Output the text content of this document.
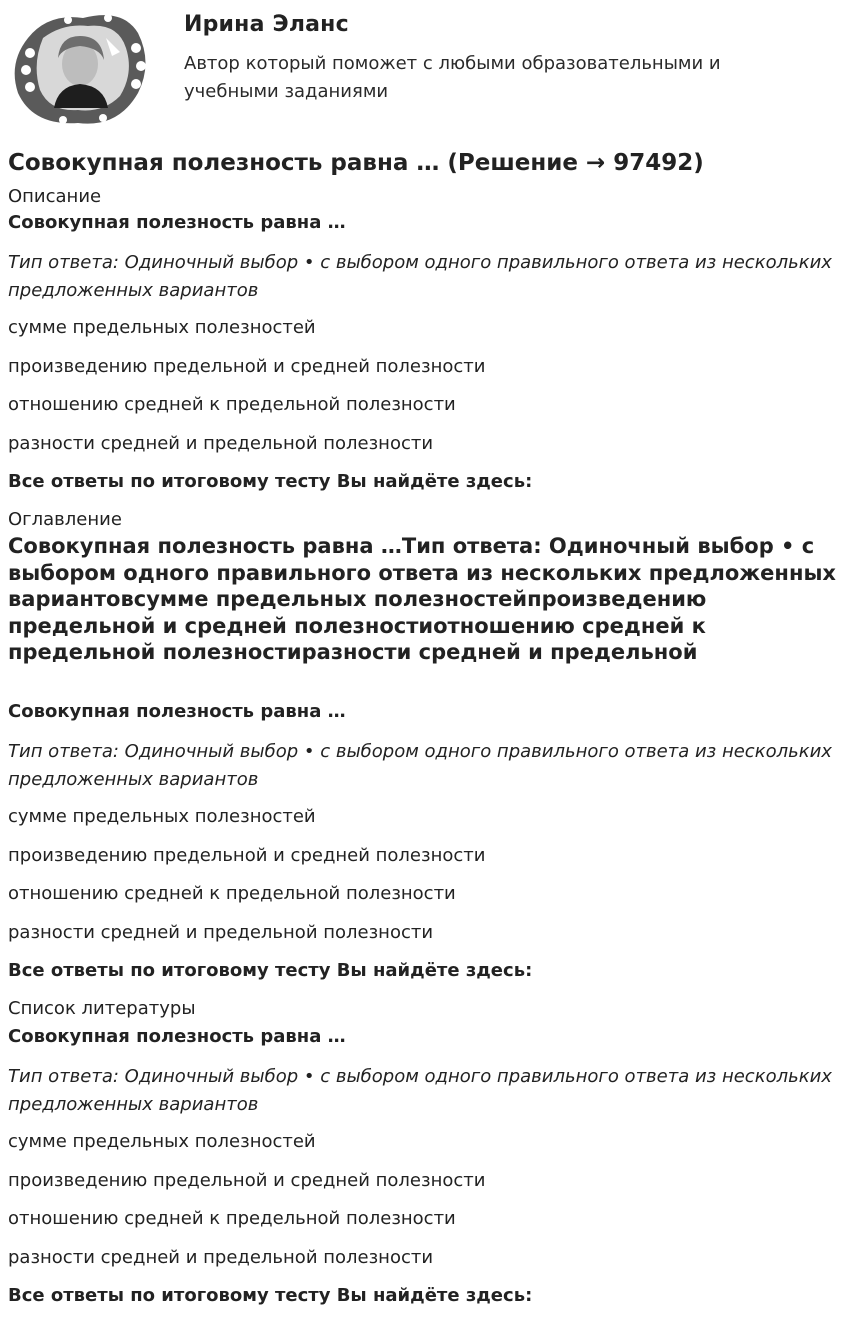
Ирина Эланс

Автор который поможет с любыми образовательными и учебными заданиями

Совокупная полезность равна … (Решение → 97492)

Описание

Совокупная полезность равна …

Тип ответа: Одиночный выбор • с выбором одного правильного ответа из нескольких предложенных вариантов

сумме предельных полезностей

произведению предельной и средней полезности

отношению средней к предельной полезности

разности средней и предельной полезности

Все ответы по итоговому тесту Вы найдёте здесь:

Оглавление

Совокупная полезность равна …Тип ответа: Одиночный выбор • с выбором одного правильного ответа из нескольких предложенных вариантовсумме предельных полезностейпроизведению предельной и средней полезностиотношению средней к предельной полезностиразности средней и предельной

Совокупная полезность равна …

Тип ответа: Одиночный выбор • с выбором одного правильного ответа из нескольких предложенных вариантов

сумме предельных полезностей

произведению предельной и средней полезности

отношению средней к предельной полезности

разности средней и предельной полезности

Все ответы по итоговому тесту Вы найдёте здесь:

Список литературы

Совокупная полезность равна …

Тип ответа: Одиночный выбор • с выбором одного правильного ответа из нескольких предложенных вариантов

сумме предельных полезностей

произведению предельной и средней полезности

отношению средней к предельной полезности

разности средней и предельной полезности

Все ответы по итоговому тесту Вы найдёте здесь:
